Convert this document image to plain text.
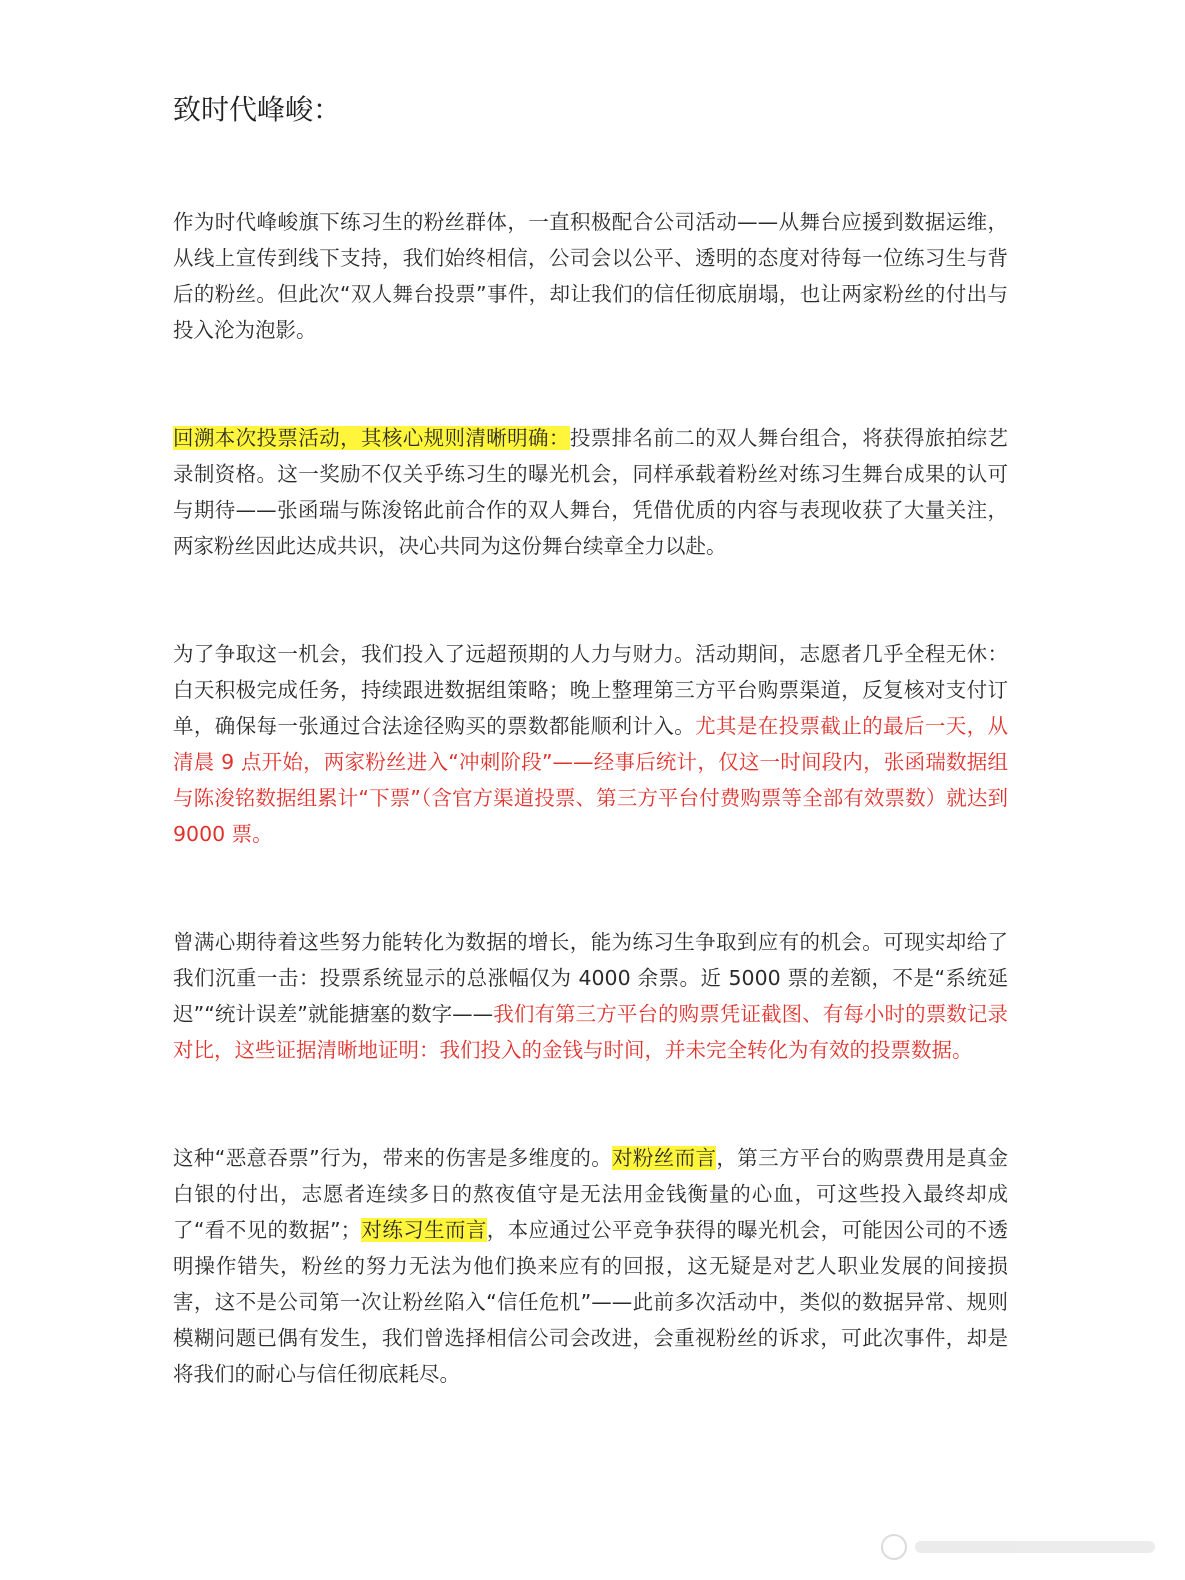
致时代峰峻：

作为时代峰峻旗下练习生的粉丝群体，一直积极配合公司活动——从舞台应援到数据运维，从线上宣传到线下支持，我们始终相信，公司会以公平、透明的态度对待每一位练习生与背后的粉丝。但此次“双人舞台投票”事件，却让我们的信任彻底崩塌，也让两家粉丝的付出与投入沦为泡影。

回溯本次投票活动，其核心规则清晰明确：投票排名前二的双人舞台组合，将获得旅拍综艺录制资格。这一奖励不仅关乎练习生的曝光机会，同样承载着粉丝对练习生舞台成果的认可与期待——张函瑞与陈浚铭此前合作的双人舞台，凭借优质的内容与表现收获了大量关注，两家粉丝因此达成共识，决心共同为这份舞台续章全力以赴。

为了争取这一机会，我们投入了远超预期的人力与财力。活动期间，志愿者几乎全程无休：白天积极完成任务，持续跟进数据组策略；晚上整理第三方平台购票渠道，反复核对支付订单，确保每一张通过合法途径购买的票数都能顺利计入。尤其是在投票截止的最后一天，从清晨 9 点开始，两家粉丝进入“冲刺阶段”——经事后统计，仅这一时间段内，张函瑞数据组与陈浚铭数据组累计“下票”（含官方渠道投票、第三方平台付费购票等全部有效票数）就达到 9000 票。

曾满心期待着这些努力能转化为数据的增长，能为练习生争取到应有的机会。可现实却给了我们沉重一击：投票系统显示的总涨幅仅为 4000 余票。近 5000 票的差额，不是“系统延迟”“统计误差”就能搪塞的数字——我们有第三方平台的购票凭证截图、有每小时的票数记录对比，这些证据清晰地证明：我们投入的金钱与时间，并未完全转化为有效的投票数据。

这种“恶意吞票”行为，带来的伤害是多维度的。对粉丝而言，第三方平台的购票费用是真金白银的付出，志愿者连续多日的熬夜值守是无法用金钱衡量的心血，可这些投入最终却成了“看不见的数据”；对练习生而言，本应通过公平竞争获得的曝光机会，可能因公司的不透明操作错失，粉丝的努力无法为他们换来应有的回报，这无疑是对艺人职业发展的间接损害，这不是公司第一次让粉丝陷入“信任危机”——此前多次活动中，类似的数据异常、规则模糊问题已偶有发生，我们曾选择相信公司会改进，会重视粉丝的诉求，可此次事件，却是将我们的耐心与信任彻底耗尽。
